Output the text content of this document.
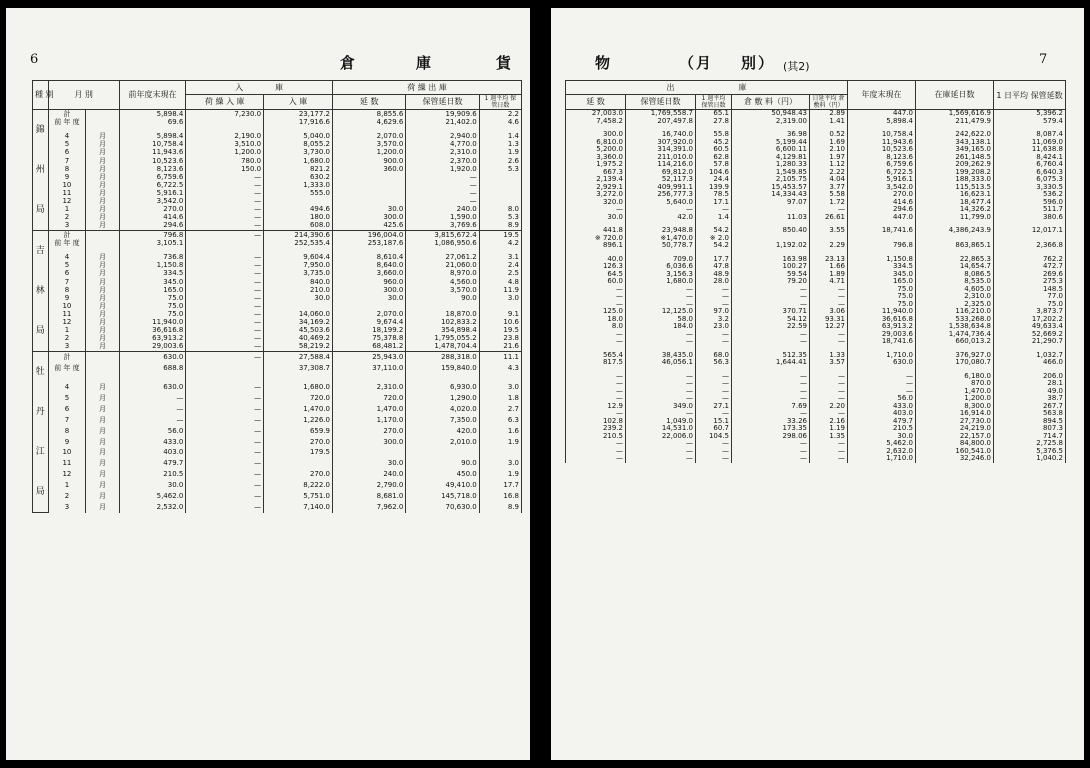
6	倉	庫	貨
種 別	月 別		前年度末現在	入　　　　 庫		荷 繰 出 庫		
				荷 繰 入 庫	入 庫	延 数	保管延日数	1 週平均 保管日数
錦 州 局	計		5,898.4	7,230.0	23,177.2	8,855.6	19,909.6	2.2
	前 年 度		69.6		17,916.6	4,629.6	21,402.0	4.6

	4	月	5,898.4	2,190.0	5,040.0	2,070.0	2,940.0	1.4
	5	月	10,758.4	3,510.0	8,055.2	3,570.0	4,770.0	1.3
	6	月	11,943.6	1,200.0	3,730.0	1,200.0	2,310.0	1.9
	7	月	10,523.6	780.0	1,680.0	900.0	2,370.0	2.6
	8	月	8,123.6	150.0	821.2	360.0	1,920.0	5.3
	9	月	6,759.6	—	630.2		—	
	10	月	6,722.5	—	1,333.0		—	
	11	月	5,916.1	—	555.0		—	
	12	月	3,542.0	—			—	
	1	月	270.0	—	494.6	30.0	240.0	8.0
	2	月	414.6	—	180.0	300.0	1,590.0	5.3
	3	月	294.6	—	608.0	425.6	3,769.6	8.9
吉 林 局	計		796.8	—	214,390.6	196,004.0	3,815,672.4	19.5
	前 年 度		3,105.1		252,535.4	253,187.6	1,086,950.6	4.2

	4	月	736.8	—	9,604.4	8,610.4	27,061.2	3.1
	5	月	1,150.8	—	7,950.0	8,640.0	21,060.0	2.4
	6	月	334.5	—	3,735.0	3,660.0	8,970.0	2.5
	7	月	345.0	—	840.0	960.0	4,560.0	4.8
	8	月	165.0	—	210.0	300.0	3,570.0	11.9
	9	月	75.0	—	30.0	30.0	90.0	3.0
	10	月	75.0	—				
	11	月	75.0	—	14,060.0	2,070.0	18,870.0	9.1
	12	月	11,940.0	—	34,169.2	9,674.4	102,833.2	10.6
	1	月	36,616.8	—	45,503.6	18,199.2	354,898.4	19.5
	2	月	63,913.2	—	40,469.2	75,378.8	1,795,055.2	23.8
	3	月	29,003.6	—	58,219.2	68,481.2	1,478,704.4	21.6
牡 丹 江 局	計		630.0	—	27,588.4	25,943.0	288,318.0	11.1
	前 年 度		688.8		37,308.7	37,110.0	159,840.0	4.3

	4	月	630.0	—	1,680.0	2,310.0	6,930.0	3.0
	5	月	—	—	720.0	720.0	1,290.0	1.8
	6	月	—	—	1,470.0	1,470.0	4,020.0	2.7
	7	月	—	—	1,226.0	1,170.0	7,350.0	6.3
	8	月	56.0	—	659.9	270.0	420.0	1.6
	9	月	433.0	—	270.0	300.0	2,010.0	1.9
	10	月	403.0	—	179.5			
	11	月	479.7	—		30.0	90.0	3.0
	12	月	210.5	—	270.0	240.0	450.0	1.9
	1	月	30.0	—	8,222.0	2,790.0	49,410.0	17.7
	2	月	5,462.0	—	5,751.0	8,681.0	145,718.0	16.8
	3	月	2,532.0	—	7,140.0	7,962.0	70,630.0	8.9
物	（月 別） (其2)	7
出　　　　　　　　 庫					年度末現在	在庫延日数	1 日平均 保管延数
延 数	保管延日数	1 週平均 保管日数	倉 敷 料（円）	日延平均 倉敷料（円）			
27,003.0	1,769,558.7	65.1	50,948.43	2.89	447.0	1,569,616.9	5,396.2
7,458.2	207,497.8	27.8	2,319.00	1.41	5,898.4	211,479.9	579.4

300.0	16,740.0	55.8	36.98	0.52	10,758.4	242,622.0	8,087.4
6,810.0	307,920.0	45.2	5,199.44	1.69	11,943.6	343,138.1	11,069.0
5,200.0	314,391.0	60.5	6,600.11	2.10	10,523.6	349,165.0	11,638.8
3,360.0	211,010.0	62.8	4,129.81	1.97	8,123.6	261,148.5	8,424.1
1,975.2	114,216.0	57.8	1,280.33	1.12	6,759.6	209,262.9	6,760.4
667.3	69,812.0	104.6	1,549.85	2.22	6,722.5	199,208.2	6,640.3
2,139.4	52,117.3	24.4	2,105.75	4.04	5,916.1	188,333.0	6,075.3
2,929.1	409,991.1	139.9	15,453.57	3.77	3,542.0	115,513.5	3,330.5
3,272.0	256,777.3	78.5	14,334.43	5.58	270.0	16,623.1	536.2
320.0	5,640.0	17.1	97.07	1.72	414.6	18,477.4	596.0
—	—	—		—	294.6	14,326.2	511.7
30.0	42.0	1.4	11.03	26.61	447.0	11,799.0	380.6

441.8	23,948.8	54.2	850.40	3.55	18,741.6	4,386,243.9	12,017.1
※ 720.0	※1,470.0	※ 2.0					
896.1	50,778.7	54.2	1,192.02	2.29	796.8	863,865.1	2,366.8

40.0	709.0	17.7	163.98	23.13	1,150.8	22,865.3	762.2
126.3	6,036.6	47.8	100.27	1.66	334.5	14,654.7	472.7
64.5	3,156.3	48.9	59.54	1.89	345.0	8,086.5	269.6
60.0	1,680.0	28.0	79.20	4.71	165.0	8,535.0	275.3
—	—	—	—	—	75.0	4,605.0	148.5
—	—	—	—	—	75.0	2,310.0	77.0
—	—	—	—	—	75.0	2,325.0	75.0
125.0	12,125.0	97.0	370.71	3.06	11,940.0	116,210.0	3,873.7
18.0	58.0	3.2	54.12	93.31	36,616.8	533,268.0	17,202.2
8.0	184.0	23.0	22.59	12.27	63,913.2	1,538,634.8	49,633.4
—	—	—	—	—	29,003.6	1,474,736.4	52,669.2
—	—	—	—	—	18,741.6	660,013.2	21,290.7

565.4	38,435.0	68.0	512.35	1.33	1,710.0	376,927.0	1,032.7
817.5	46,056.1	56.3	1,644.41	3.57	630.0	170,080.7	466.0

—	—	—	—	—	—	6,180.0	206.0
—	—	—	—	—	—	870.0	28.1
—	—	—	—	—	—	1,470.0	49.0
—	—	—	—	—	56.0	1,200.0	38.7
12.9	349.0	27.1	7.69	2.20	433.0	8,300.0	267.7
—	—	—	—	—	403.0	16,914.0	563.8
102.8	1,049.0	15.1	33.26	2.16	479.7	27,730.0	894.5
239.2	14,531.0	60.7	173.35	1.19	210.5	24,219.0	807.3
210.5	22,006.0	104.5	298.06	1.35	30.0	22,157.0	714.7
—	—	—	—	—	5,462.0	84,800.0	2,725.8
—	—	—	—	—	2,632.0	160,541.0	5,376.5
—	—	—	—	—	1,710.0	32,246.0	1,040.2
